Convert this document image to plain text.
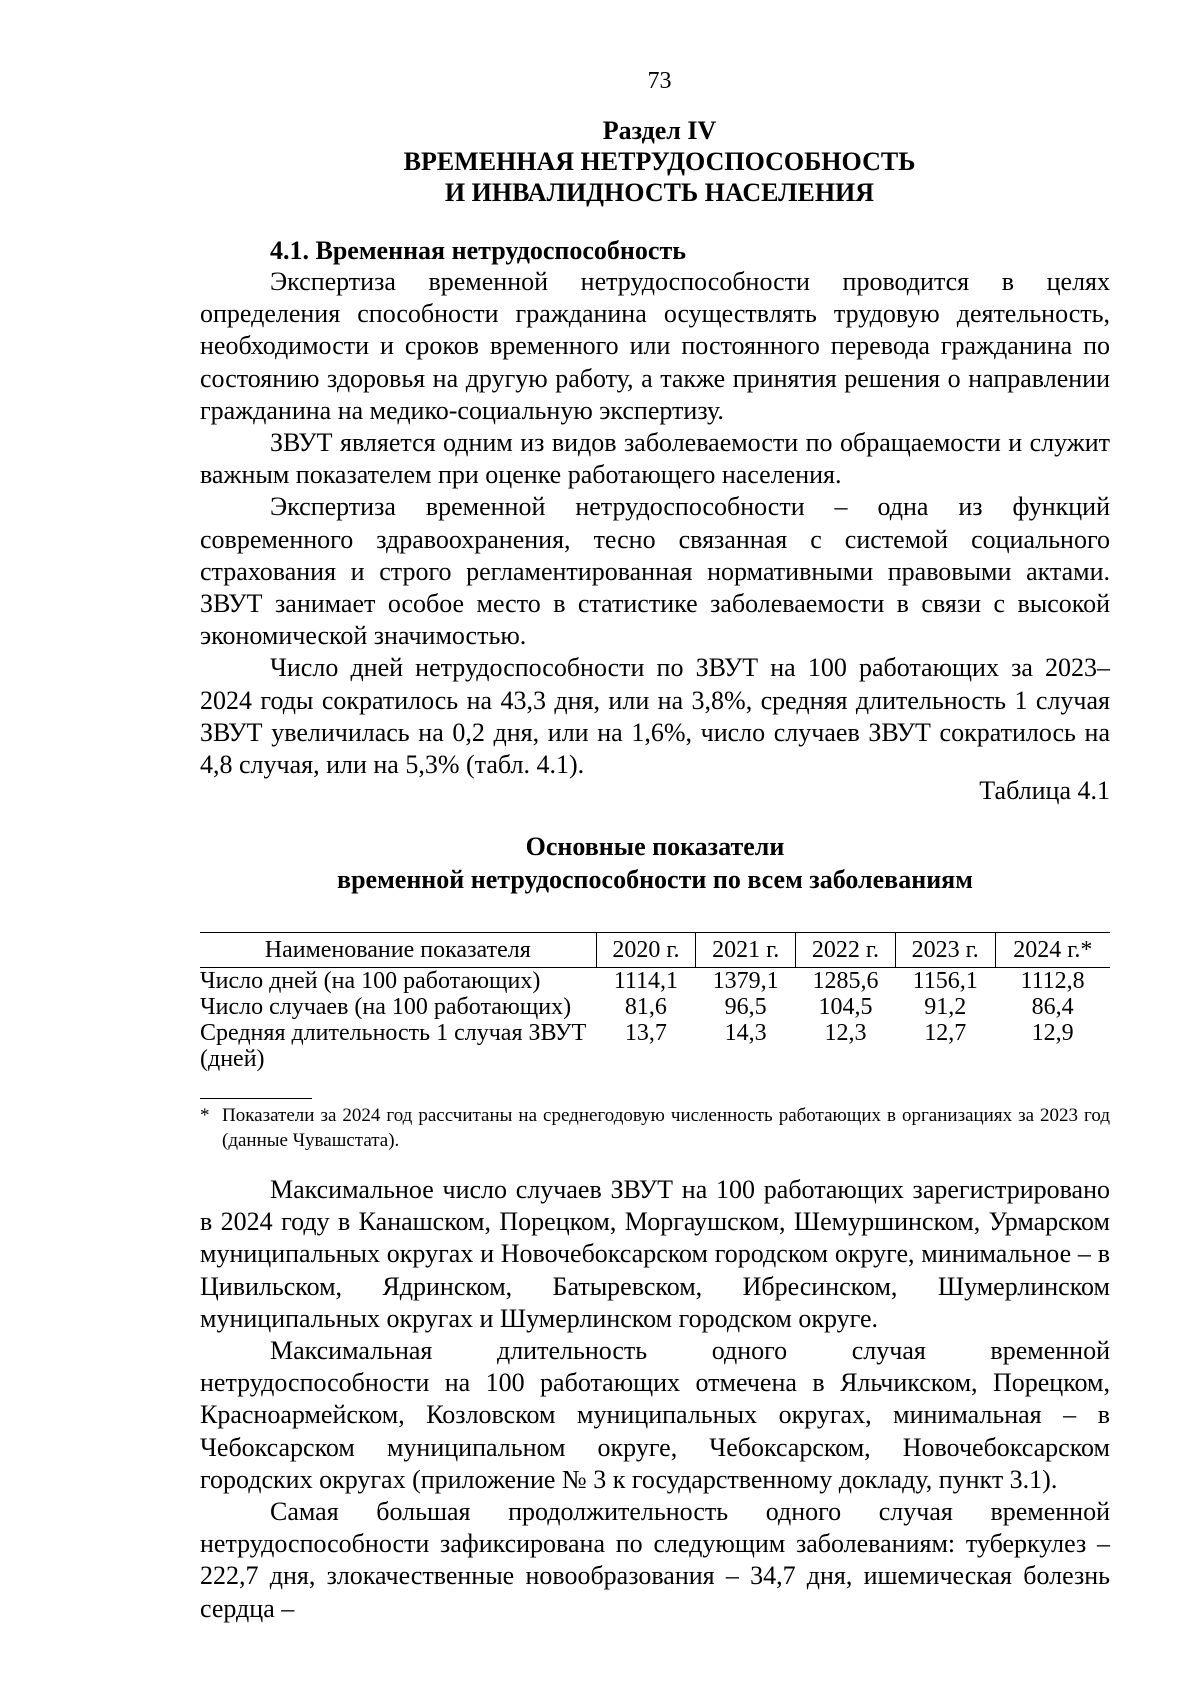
73
Раздел IV
ВРЕМЕННАЯ НЕТРУДОСПОСОБНОСТЬ
И ИНВАЛИДНОСТЬ НАСЕЛЕНИЯ
4.1. Временная нетрудоспособность

Экспертиза временной нетрудоспособности проводится в целях определения способности гражданина осуществлять трудовую деятельность, необходимости и сроков временного или постоянного перевода гражданина по состоянию здоровья на другую работу, а также принятия решения о направлении гражданина на медико-социальную экспертизу.

ЗВУТ является одним из видов заболеваемости по обращаемости и служит важным показателем при оценке работающего населения.

Экспертиза временной нетрудоспособности – одна из функций современного здравоохранения, тесно связанная с системой социального страхования и строго регламентированная нормативными правовыми актами. ЗВУТ занимает особое место в статистике заболеваемости в связи с высокой экономической значимостью.

Число дней нетрудоспособности по ЗВУТ на 100 работающих за 2023–2024 годы сократилось на 43,3 дня, или на 3,8%, средняя длительность 1 случая ЗВУТ увеличилась на 0,2 дня, или на 1,6%, число случаев ЗВУТ сократилось на 4,8 случая, или на 5,3% (табл. 4.1).

Таблица 4.1
Основные показатели
временной нетрудоспособности по всем заболеваниям
Наименование показателя	2020 г.	2021 г.	2022 г.	2023 г.	2024 г.*
Число дней (на 100 работающих)	1114,1	1379,1	1285,6	1156,1	1112,8
Число случаев (на 100 работающих)	81,6	96,5	104,5	91,2	86,4
Средняя длительность 1 случая ЗВУТ (дней)	13,7	14,3	12,3	12,7	12,9
* Показатели за 2024 год рассчитаны на среднегодовую численность работающих в организациях за 2023 год (данные Чувашстата).

Максимальное число случаев ЗВУТ на 100 работающих зарегистрировано в 2024 году в Канашском, Порецком, Моргаушском, Шемуршинском, Урмарском муниципальных округах и Новочебоксарском городском округе, минимальное – в Цивильском, Ядринском, Батыревском, Ибресинском, Шумерлинском муниципальных округах и Шумерлинском городском округе.

Максимальная длительность одного случая временной нетрудоспособности на 100 работающих отмечена в Яльчикском, Порецком, Красноармейском, Козловском муниципальных округах, минимальная – в Чебоксарском муниципальном округе, Чебоксарском, Новочебоксарском городских округах (приложение № 3 к государственному докладу, пункт 3.1).

Самая большая продолжительность одного случая временной нетрудоспособности зафиксирована по следующим заболеваниям: туберкулез – 222,7 дня, злокачественные новообразования – 34,7 дня, ишемическая болезнь сердца –
